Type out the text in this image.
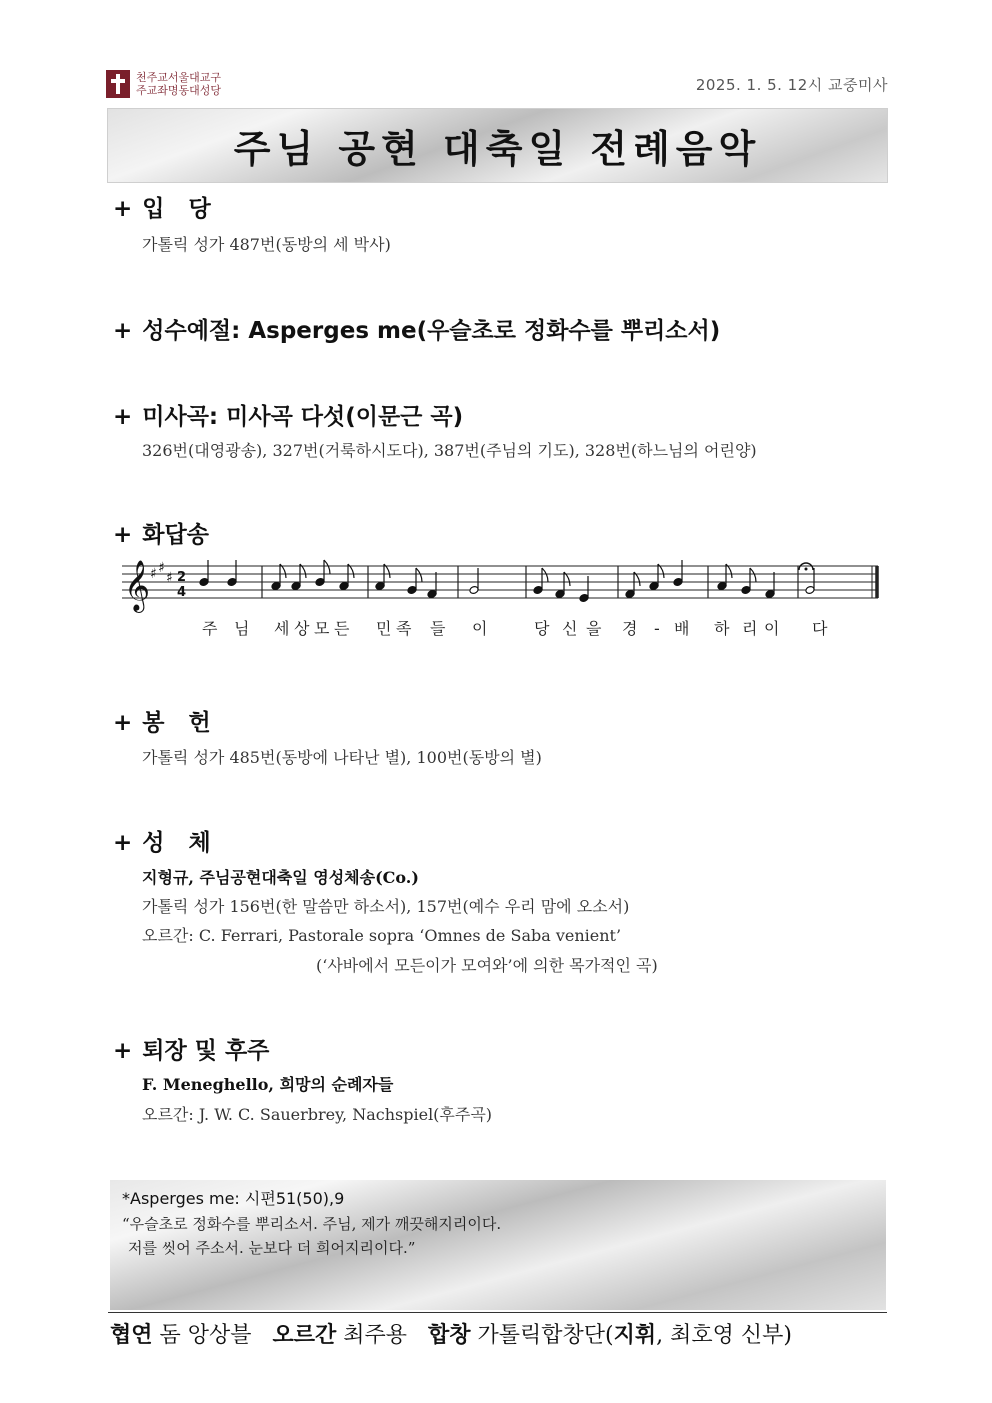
천주교서울대교구
주교좌명동대성당	2025. 1. 5. 12시 교중미사
주님 공현 대축일 전례음악
+ 입   당
가톨릭 성가 487번(동방의 세 박사)
+ 성수예절: Asperges me(우슬초로 정화수를 뿌리소서)
+ 미사곡: 미사곡 다섯(이문근 곡)
326번(대영광송), 327번(거룩하시도다), 387번(주님의 기도), 328번(하느님의 어린양)
+ 화답송
𝄞 ♯ ♯
♯ 2
4
주 님 세 상 모 든 민 족 들 이	당 신 을 경 - 배 하 리 이 다
+ 봉   헌
가톨릭 성가 485번(동방에 나타난 별), 100번(동방의 별)
+ 성   체
지형규, 주님공현대축일 영성체송(Co.)
가톨릭 성가 156번(한 말씀만 하소서), 157번(예수 우리 맘에 오소서)
오르간: C. Ferrari, Pastorale sopra ‘Omnes de Saba venient’
(‘사바에서 모든이가 모여와’에 의한 목가적인 곡)
+ 퇴장 및 후주
F. Meneghello, 희망의 순례자들
오르간: J. W. C. Sauerbrey, Nachspiel(후주곡)
*Asperges me: 시편51(50),9
“우슬초로 정화수를 뿌리소서. 주님, 제가 깨끗해지리이다.
저를 씻어 주소서. 눈보다 더 희어지리이다.”
협연 돔 앙상블 오르간 최주용 합창 가톨릭합창단(지휘, 최호영 신부)
